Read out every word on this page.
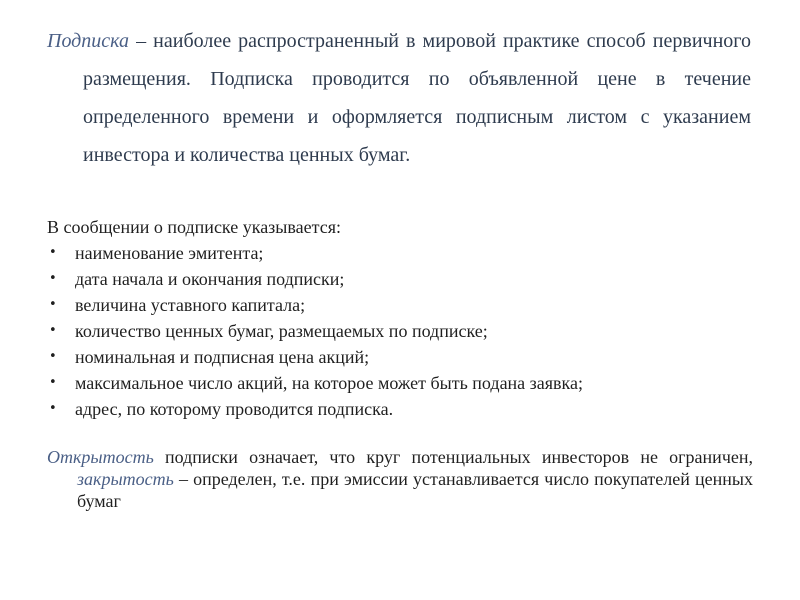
Подписка – наиболее распространенный в мировой практике способ первичного размещения. Подписка проводится по объявленной цене в течение определенного времени и оформляется подписным листом с указанием инвестора и количества ценных бумаг.

В сообщении о подписке указывается:

• наименование эмитента;
• дата начала и окончания подписки;
• величина уставного капитала;
• количество ценных бумаг, размещаемых по подписке;
• номинальная и подписная цена акций;
• максимальное число акций, на которое может быть подана заявка;
• адрес, по которому проводится подписка.

Открытость подписки означает, что круг потенциальных инвесторов не ограничен, закрытость – определен, т.е. при эмиссии устанавливается число покупателей ценных бумаг
